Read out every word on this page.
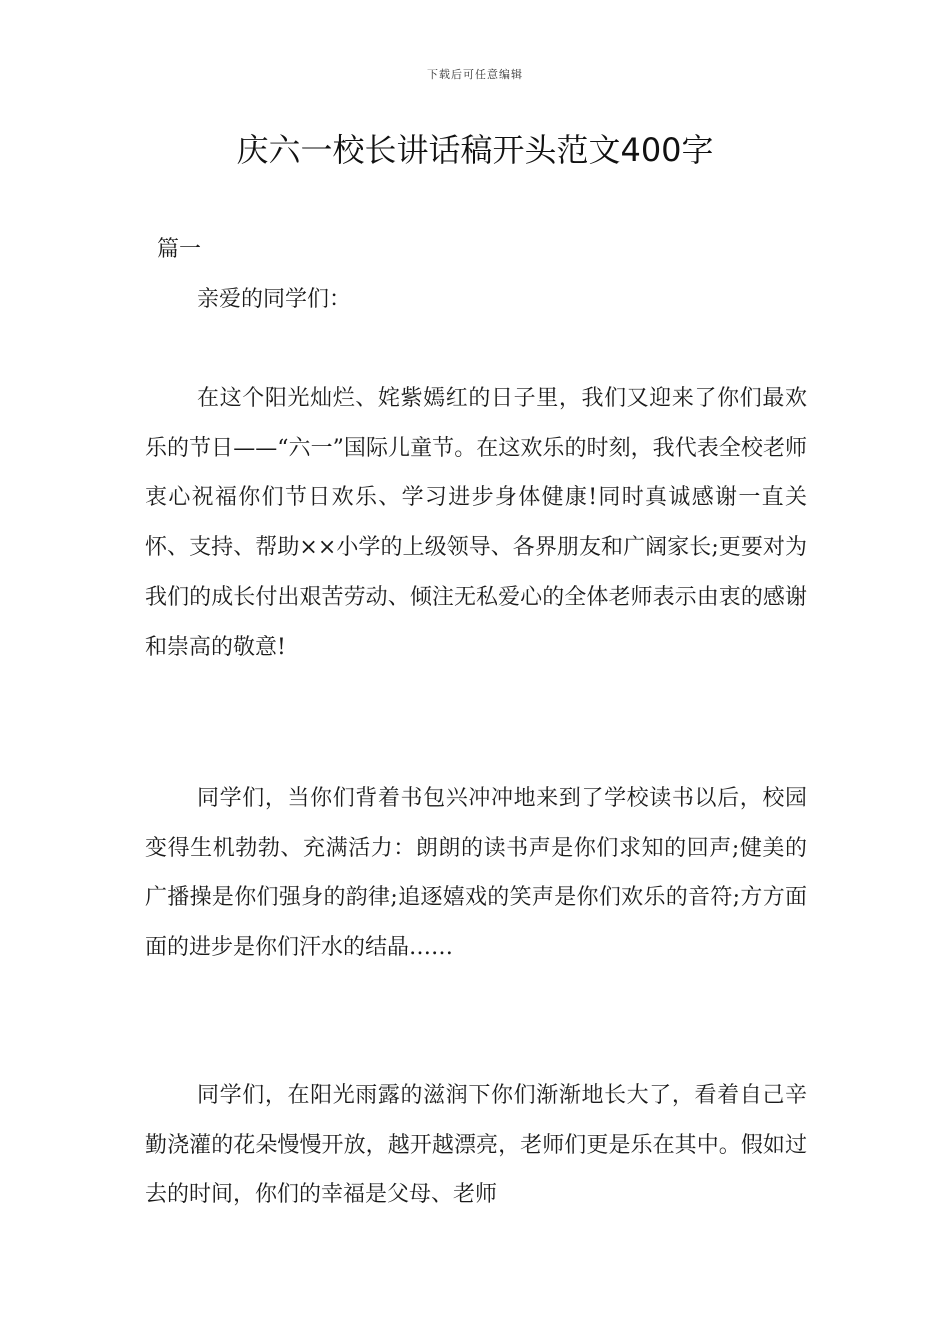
下载后可任意编辑
庆六一校长讲话稿开头范文400字
篇一
亲爱的同学们：

在这个阳光灿烂、姹紫嫣红的日子里，我们又迎来了你们最欢乐的节日——“六一”国际儿童节。在这欢乐的时刻，我代表全校老师衷心祝福你们节日欢乐、学习进步身体健康!同时真诚感谢一直关怀、支持、帮助××小学的上级领导、各界朋友和广阔家长;更要对为我们的成长付出艰苦劳动、倾注无私爱心的全体老师表示由衷的感谢和崇高的敬意!

同学们，当你们背着书包兴冲冲地来到了学校读书以后，校园变得生机勃勃、充满活力：朗朗的读书声是你们求知的回声;健美的广播操是你们强身的韵律;追逐嬉戏的笑声是你们欢乐的音符;方方面面的进步是你们汗水的结晶……

同学们，在阳光雨露的滋润下你们渐渐地长大了，看着自己辛勤浇灌的花朵慢慢开放，越开越漂亮，老师们更是乐在其中。假如过去的时间，你们的幸福是父母、老师
